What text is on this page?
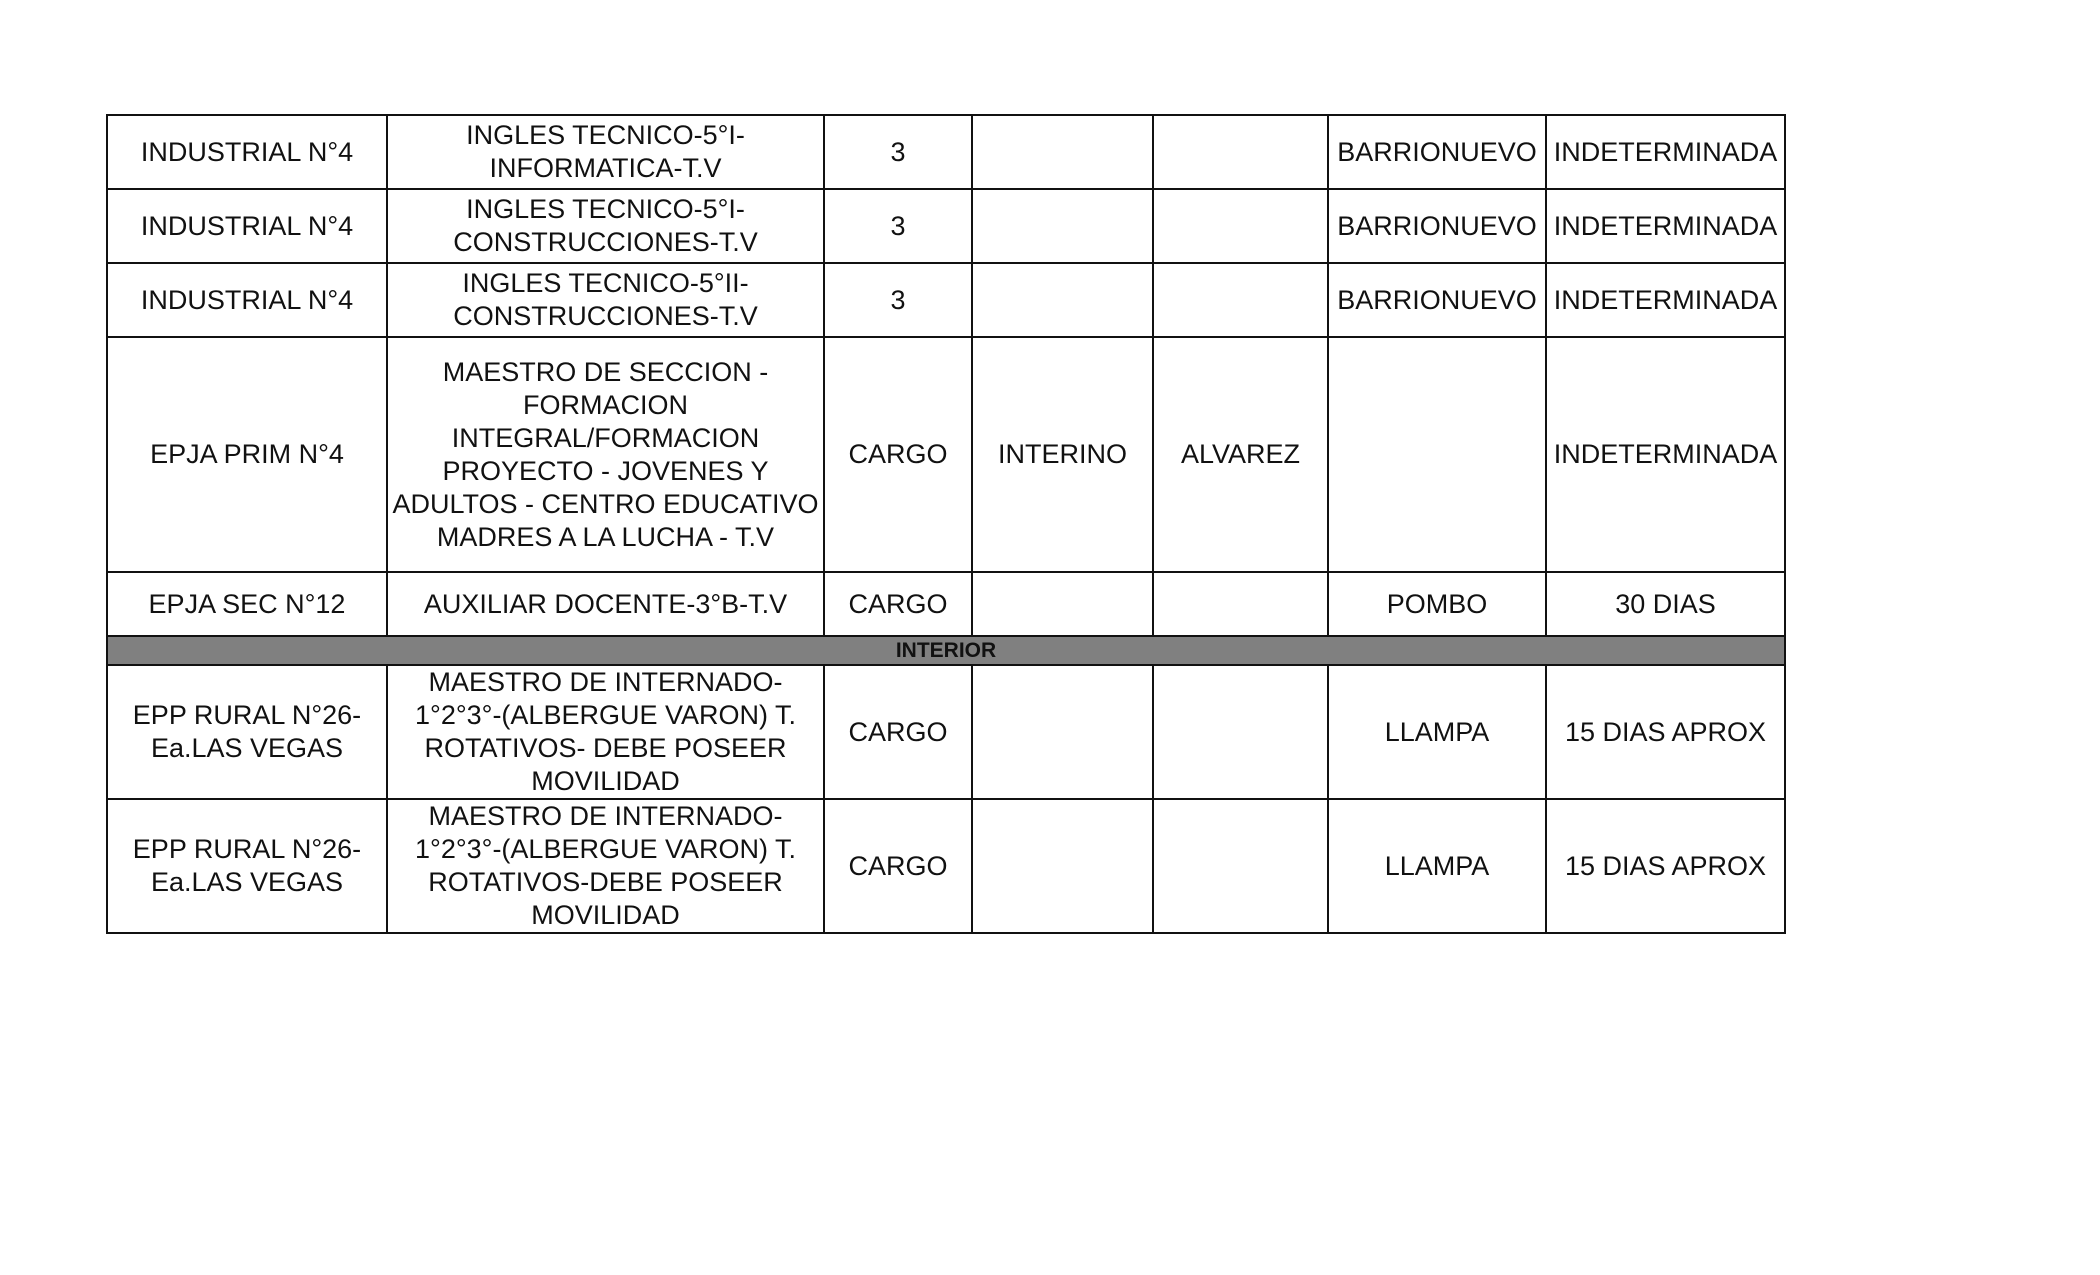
INDUSTRIAL N°4	INGLES TECNICO-5°I-INFORMATICA-T.V	3			BARRIONUEVO	INDETERMINADA
INDUSTRIAL N°4	INGLES TECNICO-5°I-CONSTRUCCIONES-T.V	3			BARRIONUEVO	INDETERMINADA
INDUSTRIAL N°4	INGLES TECNICO-5°II-CONSTRUCCIONES-T.V	3			BARRIONUEVO	INDETERMINADA
EPJA PRIM N°4	MAESTRO DE SECCION - FORMACION INTEGRAL/FORMACION PROYECTO - JOVENES Y ADULTOS - CENTRO EDUCATIVO MADRES A LA LUCHA - T.V	CARGO	INTERINO	ALVAREZ		INDETERMINADA
EPJA SEC N°12	AUXILIAR DOCENTE-3°B-T.V	CARGO			POMBO	30 DIAS
INTERIOR						
EPP RURAL N°26-Ea.LAS VEGAS	MAESTRO DE INTERNADO-1°2°3°-(ALBERGUE VARON) T. ROTATIVOS- DEBE POSEER MOVILIDAD	CARGO			LLAMPA	15 DIAS APROX
EPP RURAL N°26-Ea.LAS VEGAS	MAESTRO DE INTERNADO-1°2°3°-(ALBERGUE VARON) T. ROTATIVOS-DEBE POSEER MOVILIDAD	CARGO			LLAMPA	15 DIAS APROX
